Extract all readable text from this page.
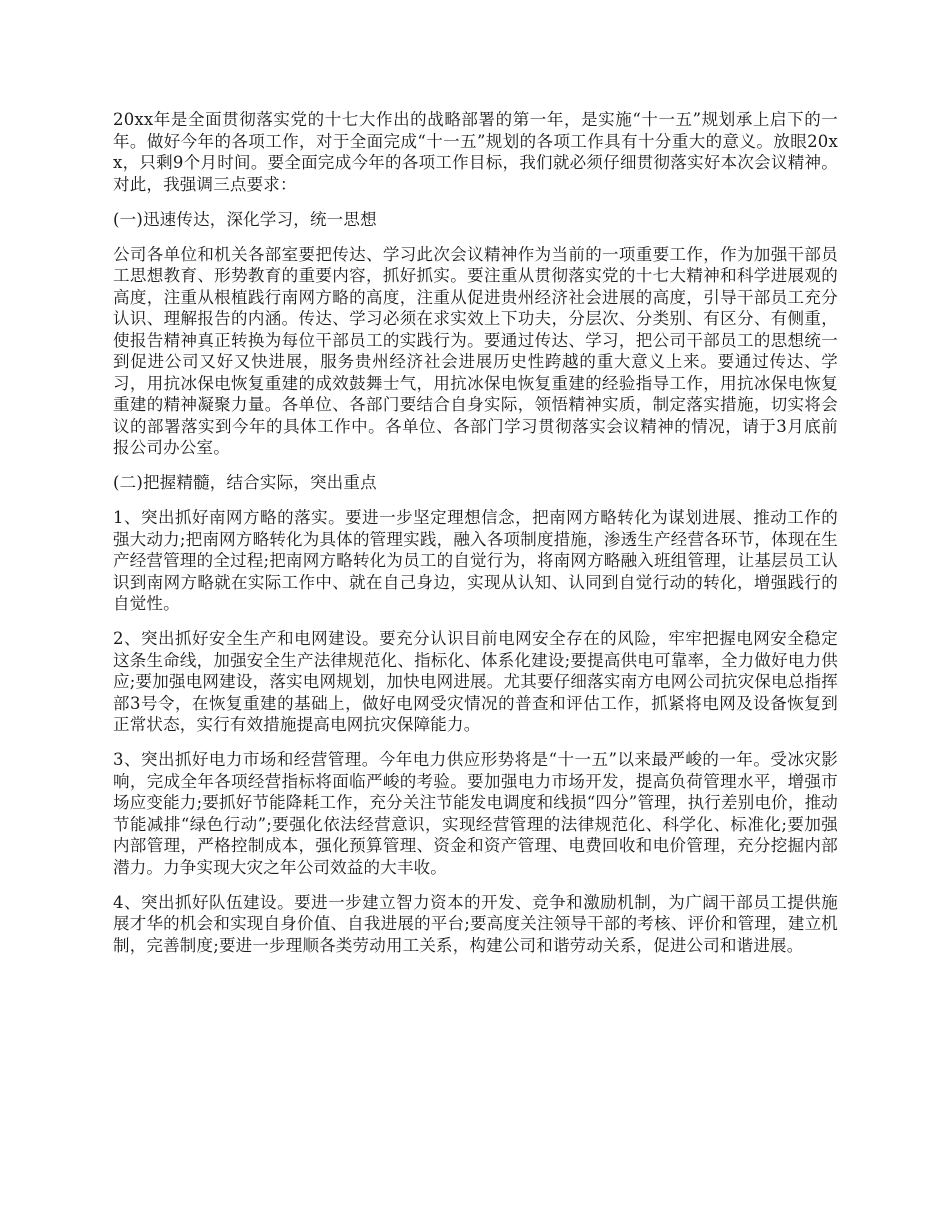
20xx年是全面贯彻落实党的十七大作出的战略部署的第一年，是实施“十一五”规划承上启下的一年。做好今年的各项工作，对于全面完成“十一五”规划的各项工作具有十分重大的意义。放眼20xx，只剩9个月时间。要全面完成今年的各项工作目标，我们就必须仔细贯彻落实好本次会议精神。对此，我强调三点要求：

(一)迅速传达，深化学习，统一思想

公司各单位和机关各部室要把传达、学习此次会议精神作为当前的一项重要工作，作为加强干部员工思想教育、形势教育的重要内容，抓好抓实。要注重从贯彻落实党的十七大精神和科学进展观的高度，注重从根植践行南网方略的高度，注重从促进贵州经济社会进展的高度，引导干部员工充分认识、理解报告的内涵。传达、学习必须在求实效上下功夫，分层次、分类别、有区分、有侧重，使报告精神真正转换为每位干部员工的实践行为。要通过传达、学习，把公司干部员工的思想统一到促进公司又好又快进展，服务贵州经济社会进展历史性跨越的重大意义上来。要通过传达、学习，用抗冰保电恢复重建的成效鼓舞士气，用抗冰保电恢复重建的经验指导工作，用抗冰保电恢复重建的精神凝聚力量。各单位、各部门要结合自身实际，领悟精神实质，制定落实措施，切实将会议的部署落实到今年的具体工作中。各单位、各部门学习贯彻落实会议精神的情况，请于3月底前报公司办公室。

(二)把握精髓，结合实际，突出重点

1、突出抓好南网方略的落实。要进一步坚定理想信念，把南网方略转化为谋划进展、推动工作的强大动力;把南网方略转化为具体的管理实践，融入各项制度措施，渗透生产经营各环节，体现在生产经营管理的全过程;把南网方略转化为员工的自觉行为，将南网方略融入班组管理，让基层员工认识到南网方略就在实际工作中、就在自己身边，实现从认知、认同到自觉行动的转化，增强践行的自觉性。

2、突出抓好安全生产和电网建设。要充分认识目前电网安全存在的风险，牢牢把握电网安全稳定这条生命线，加强安全生产法律规范化、指标化、体系化建设;要提高供电可靠率，全力做好电力供应;要加强电网建设，落实电网规划，加快电网进展。尤其要仔细落实南方电网公司抗灾保电总指挥部3号令，在恢复重建的基础上，做好电网受灾情况的普查和评估工作，抓紧将电网及设备恢复到正常状态，实行有效措施提高电网抗灾保障能力。

3、突出抓好电力市场和经营管理。今年电力供应形势将是“十一五”以来最严峻的一年。受冰灾影响，完成全年各项经营指标将面临严峻的考验。要加强电力市场开发，提高负荷管理水平，增强市场应变能力;要抓好节能降耗工作，充分关注节能发电调度和线损“四分”管理，执行差别电价，推动节能减排“绿色行动”;要强化依法经营意识，实现经营管理的法律规范化、科学化、标准化;要加强内部管理，严格控制成本，强化预算管理、资金和资产管理、电费回收和电价管理，充分挖掘内部潜力。力争实现大灾之年公司效益的大丰收。

4、突出抓好队伍建设。要进一步建立智力资本的开发、竞争和激励机制，为广阔干部员工提供施展才华的机会和实现自身价值、自我进展的平台;要高度关注领导干部的考核、评价和管理，建立机制，完善制度;要进一步理顺各类劳动用工关系，构建公司和谐劳动关系，促进公司和谐进展。
